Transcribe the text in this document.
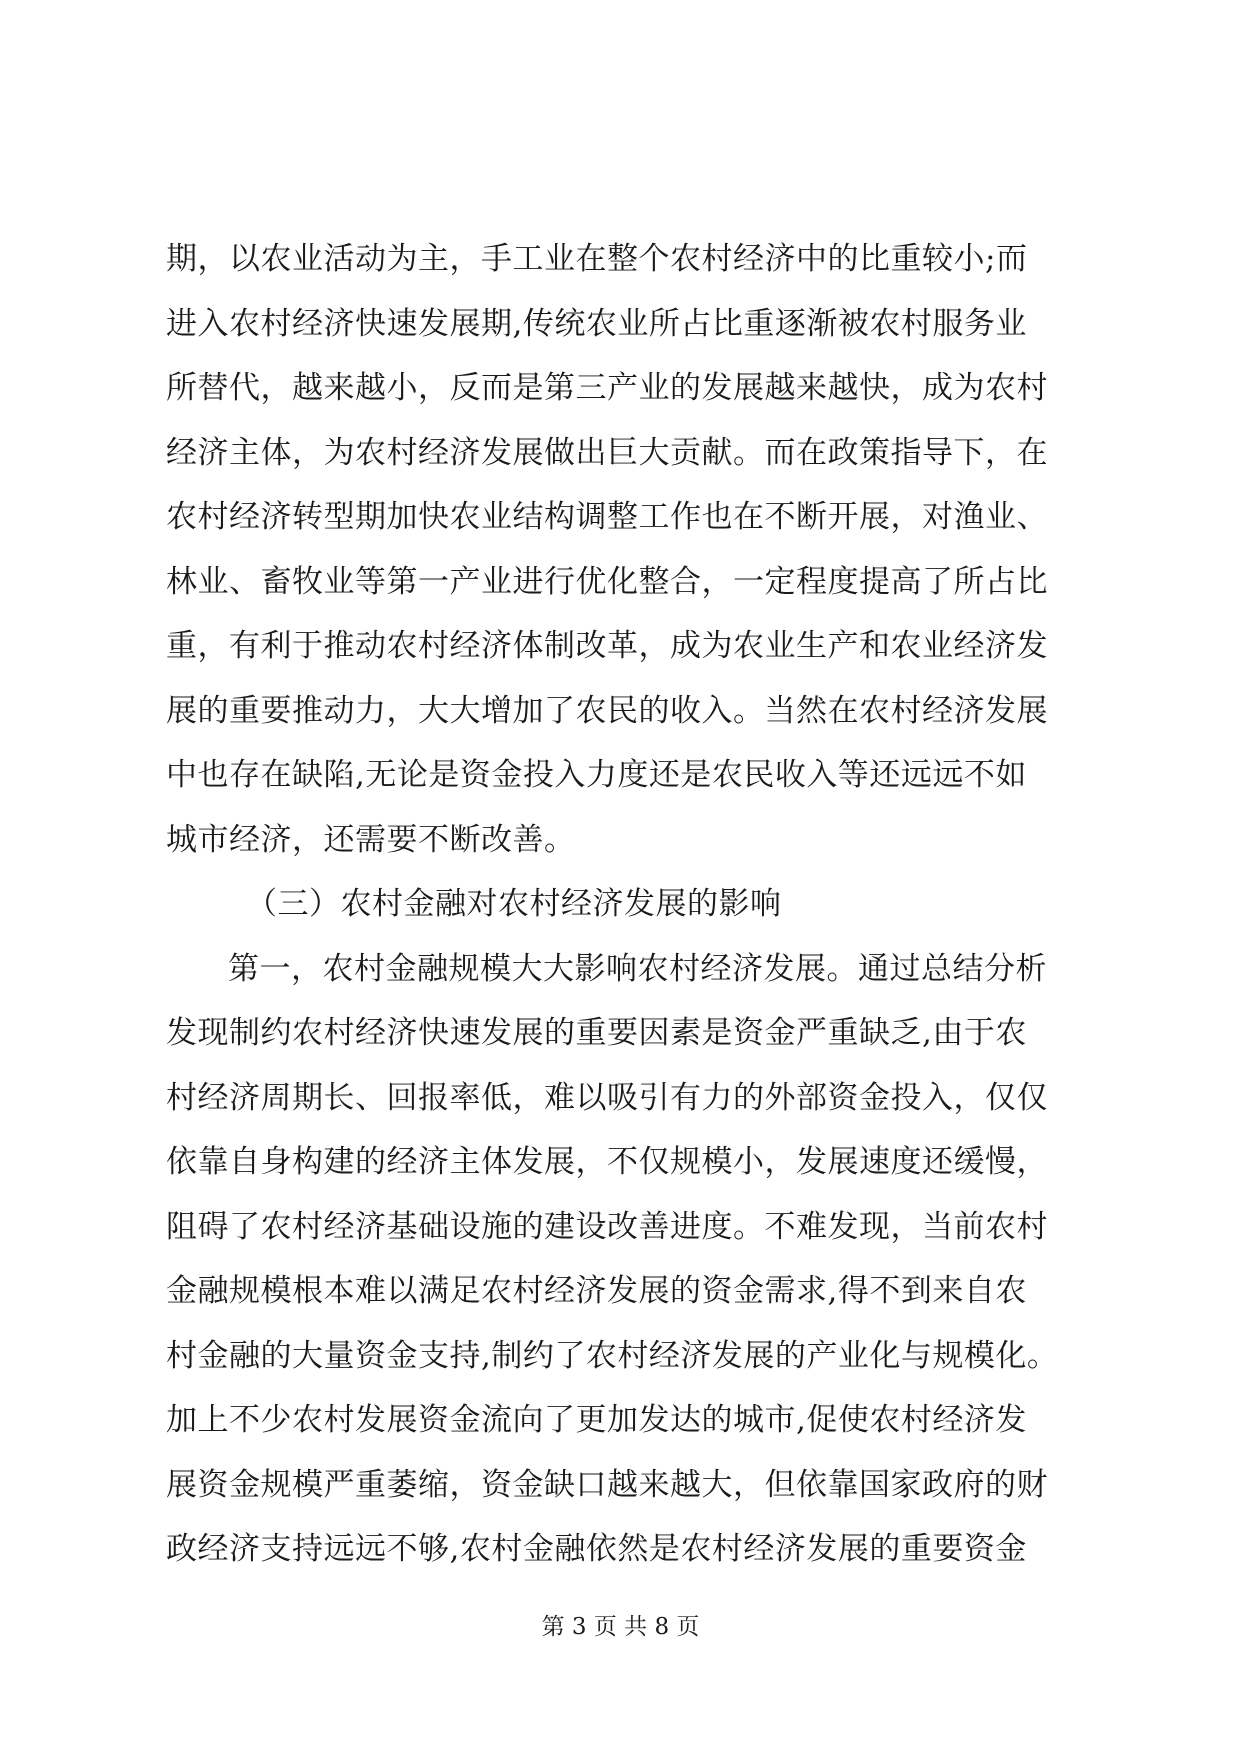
期，以农业活动为主，手工业在整个农村经济中的比重较小;而
进入农村经济快速发展期,传统农业所占比重逐渐被农村服务业
所替代，越来越小，反而是第三产业的发展越来越快，成为农村
经济主体，为农村经济发展做出巨大贡献。而在政策指导下，在
农村经济转型期加快农业结构调整工作也在不断开展，对渔业、
林业、畜牧业等第一产业进行优化整合，一定程度提高了所占比
重，有利于推动农村经济体制改革，成为农业生产和农业经济发
展的重要推动力，大大增加了农民的收入。当然在农村经济发展
中也存在缺陷,无论是资金投入力度还是农民收入等还远远不如
城市经济，还需要不断改善。
（三）农村金融对农村经济发展的影响
第一，农村金融规模大大影响农村经济发展。通过总结分析
发现制约农村经济快速发展的重要因素是资金严重缺乏,由于农
村经济周期长、回报率低，难以吸引有力的外部资金投入，仅仅
依靠自身构建的经济主体发展，不仅规模小，发展速度还缓慢，
阻碍了农村经济基础设施的建设改善进度。不难发现，当前农村
金融规模根本难以满足农村经济发展的资金需求,得不到来自农
村金融的大量资金支持,制约了农村经济发展的产业化与规模化。
加上不少农村发展资金流向了更加发达的城市,促使农村经济发
展资金规模严重萎缩，资金缺口越来越大，但依靠国家政府的财
政经济支持远远不够,农村金融依然是农村经济发展的重要资金
第 3 页 共 8 页
